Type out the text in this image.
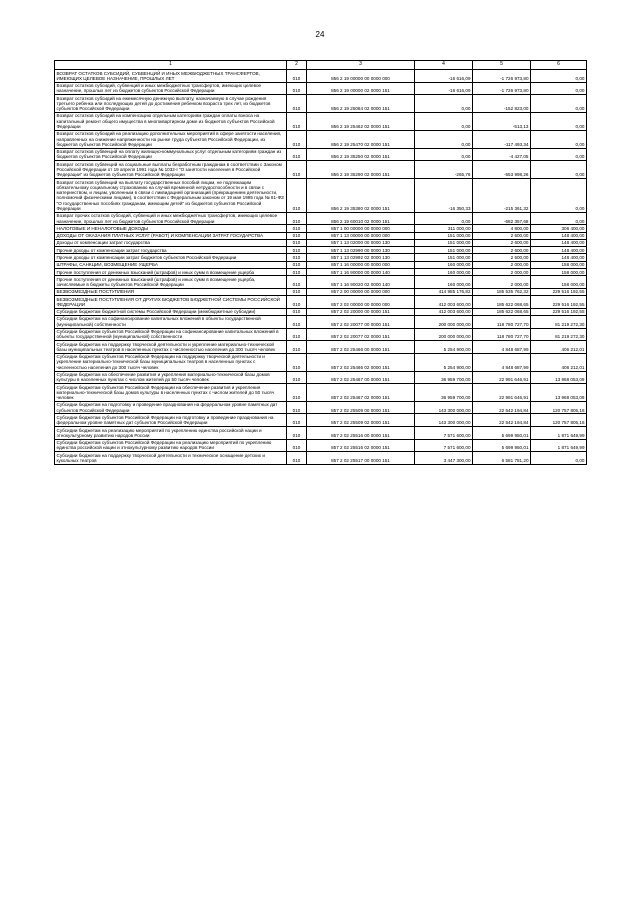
24
1	2	3	4	5	6
ВОЗВРАТ ОСТАТКОВ СУБСИДИЙ, СУБВЕНЦИЙ И ИНЫХ МЕЖБЮДЖЕТНЫХ ТРАНСФЕРТОВ, ИМЕЮЩИХ ЦЕЛЕВОЕ НАЗНАЧЕНИЕ, ПРОШЛЫХ ЛЕТ	010	856 2 19 00000 00 0000 000	-16 616,09	-1 726 973,80	0,00
Возврат остатков субсидий, субвенций и иных межбюджетных трансфертов, имеющих целевое назначение, прошлых лет из бюджетов субъектов Российской Федерации	010	856 2 19 00000 02 0000 151	-16 616,09	-1 726 973,80	0,00
Возврат остатков субсидий на ежемесячную денежную выплату, назначаемую в случае рождения третьего ребенка или последующих детей до достижения ребенком возраста трех лет, из бюджетов субъектов Российской Федерации	010	856 2 19 25084 02 0000 151	0,00	-152 823,00	0,00
Возврат остатков субсидий на компенсацию отдельным категориям граждан оплаты взноса на капитальный ремонт общего имущества в многоквартирном доме из бюджетов субъектов Российской Федерации	010	856 2 19 25462 02 0000 151	0,00	-513,13	0,00
Возврат остатков субсидий на реализацию дополнительных мероприятий в сфере занятости населения, направленных на снижение напряженности на рынке труда субъектов Российской Федерации, из бюджетов субъектов Российской Федерации	010	856 2 19 25470 02 0000 151	0,00	-117 493,34	0,00
Возврат остатков субвенций на оплату жилищно-коммунальных услуг отдельным категориям граждан из бюджетов субъектов Российской Федерации	010	856 2 19 35250 02 0000 151	0,00	-4 427,05	0,00
Возврат остатков субвенций на социальные выплаты безработным гражданам в соответствии с Законом Российской Федерации от 19 апреля 1991 года № 1032-I "О занятости населения в Российской Федерации" из бюджетов субъектов Российской Федерации	010	856 2 19 35290 02 0000 151	-265,76	-553 998,26	0,00
Возврат остатков субвенций на выплату государственных пособий лицам, не подлежащим обязательному социальному страхованию на случай временной нетрудоспособности и в связи с материнством, и лицам, уволенным в связи с ликвидацией организаций (прекращением деятельности, полномочий физическими лицами), в соответствии с Федеральным законом от 19 мая 1995 года № 81-ФЗ "О государственных пособиях гражданам, имеющим детей" из бюджетов субъектов Российской Федерации	010	856 2 19 35380 02 0000 151	-16 350,33	-215 361,32	0,00
Возврат прочих остатков субсидий, субвенций и иных межбюджетных трансфертов, имеющих целевое назначение, прошлых лет из бюджетов субъектов Российской Федерации	010	856 2 19 60010 02 0000 151	0,00	-682 357,68	0,00
НАЛОГОВЫЕ И НЕНАЛОГОВЫЕ ДОХОДЫ	010	857 1 00 00000 00 0000 000	311 000,00	4 800,00	306 400,00
ДОХОДЫ ОТ ОКАЗАНИЯ ПЛАТНЫХ УСЛУГ (РАБОТ) И КОМПЕНСАЦИИ ЗАТРАТ ГОСУДАРСТВА	010	857 1 13 00000 00 0000 000	151 000,00	2 600,00	148 400,00
Доходы от компенсации затрат государства	010	857 1 13 02000 00 0000 130	151 000,00	2 600,00	148 400,00
Прочие доходы от компенсации затрат государства	010	857 1 13 02990 00 0000 130	151 000,00	2 600,00	148 400,00
Прочие доходы от компенсации затрат бюджетов субъектов Российской Федерации	010	857 1 13 02992 02 0000 130	151 000,00	2 600,00	148 400,00
ШТРАФЫ, САНКЦИИ, ВОЗМЕЩЕНИЕ УЩЕРБА	010	857 1 16 00000 00 0000 000	160 000,00	2 000,00	158 000,00
Прочие поступления от денежных взысканий (штрафов) и иных сумм в возмещение ущерба	010	857 1 16 90000 00 0000 140	160 000,00	2 000,00	158 000,00
Прочие поступления от денежных взысканий (штрафов) и иных сумм в возмещение ущерба, зачисляемые в бюджеты субъектов Российской Федерации	010	857 1 16 90020 02 0000 140	160 000,00	2 000,00	158 000,00
БЕЗВОЗМЕЗДНЫЕ ПОСТУПЛЕНИЯ	010	857 2 00 00000 00 0000 000	414 985 176,82	185 535 762,32	229 516 192,55
БЕЗВОЗМЕЗДНЫЕ ПОСТУПЛЕНИЯ ОТ ДРУГИХ БЮДЖЕТОВ БЮДЖЕТНОЙ СИСТЕМЫ РОССИЙСКОЙ ФЕДЕРАЦИИ	010	857 2 02 00000 00 0000 000	412 003 600,00	185 622 068,65	229 516 192,55
Субсидии бюджетам бюджетной системы Российской Федерации (межбюджетные субсидии)	010	857 2 02 20000 00 0000 151	412 003 600,00	185 622 068,65	229 516 192,55
Субсидии бюджетам на софинансирование капитальных вложений в объекты государственной (муниципальной) собственности	010	857 2 02 20077 00 0000 151	200 000 000,00	118 780 727,70	81 219 272,30
Субсидии бюджетам субъектов Российской Федерации на софинансирование капитальных вложений в объекты государственной (муниципальной) собственности	010	857 2 02 20077 02 0000 151	200 000 000,00	118 780 727,70	81 219 272,30
Субсидии бюджетам на поддержку творческой деятельности и укрепление материально-технической базы муниципальных театров в населенных пунктах с численностью населения до 300 тысяч человек	010	857 2 02 25466 00 0000 151	5 254 900,00	4 848 687,99	406 212,01
Субсидии бюджетам субъектов Российской Федерации на поддержку творческой деятельности и укрепление материально-технической базы муниципальных театров в населенных пунктах с численностью населения до 300 тысяч человек	010	857 2 02 25466 02 0000 151	5 254 900,00	4 848 687,99	406 212,01
Субсидии бюджетам на обеспечение развития и укрепления материально-технической базы домов культуры в населенных пунктах с числом жителей до 50 тысяч человек	010	857 2 02 25467 00 0000 151	36 959 700,00	22 991 646,91	13 968 053,09
Субсидии бюджетам субъектов Российской Федерации на обеспечение развития и укрепления материально-технической базы домов культуры в населенных пунктах с числом жителей до 50 тысяч человек	010	857 2 02 25467 02 0000 151	36 959 700,00	22 991 646,91	13 968 053,09
Субсидии бюджетам на подготовку и проведение празднования на федеральном уровне памятных дат субъектов Российской Федерации	010	857 2 02 25509 00 0000 151	143 300 000,00	22 542 194,84	120 757 805,16
Субсидии бюджетам субъектов Российской Федерации на подготовку и проведение празднования на федеральном уровне памятных дат субъектов Российской Федерации	010	857 2 02 25509 02 0000 151	143 300 000,00	22 542 194,84	120 757 805,16
Субсидии бюджетам на реализацию мероприятий по укреплению единства российской нации и этнокультурному развитию народов России	010	857 2 02 25516 00 0000 151	7 571 600,00	5 699 950,01	1 871 649,99
Субсидии бюджетам субъектов Российской Федерации на реализацию мероприятий по укреплению единства российской нации и этнокультурному развитию народов России	010	857 2 02 25516 02 0000 151	7 571 600,00	5 699 950,01	1 871 649,99
Субсидии бюджетам на поддержку творческой деятельности и техническое оснащение детских и кукольных театров	010	857 2 02 25517 00 0000 151	3 447 300,00	6 581 781,20	0,00
